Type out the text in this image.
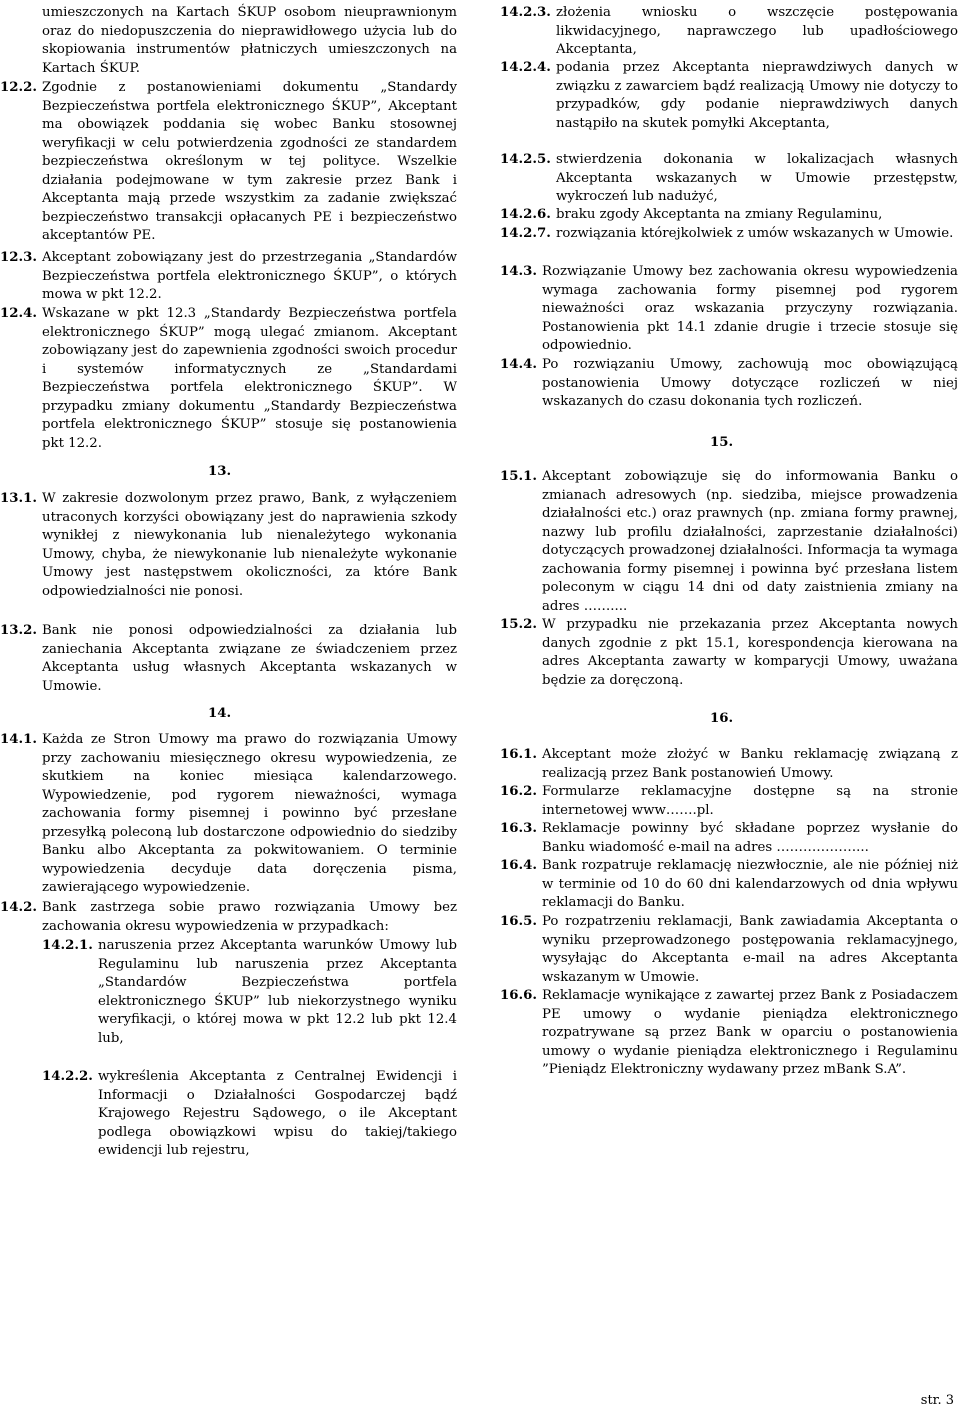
umieszczonych na Kartach ŚKUP osobom nieuprawnionym oraz do niedopuszczenia do nieprawidłowego użycia lub do skopiowania instrumentów płatniczych umieszczonych na Kartach ŚKUP.
12.2. Zgodnie z postanowieniami dokumentu „Standardy Bezpieczeństwa portfela elektronicznego ŚKUP”, Akceptant ma obowiązek poddania się wobec Banku stosownej weryfikacji w celu potwierdzenia zgodności ze standardem bezpieczeństwa określonym w tej polityce. Wszelkie działania podejmowane w tym zakresie przez Bank i Akceptanta mają przede wszystkim za zadanie zwiększać bezpieczeństwo transakcji opłacanych PE i bezpieczeństwo akceptantów PE.
12.3. Akceptant zobowiązany jest do przestrzegania „Standardów Bezpieczeństwa portfela elektronicznego ŚKUP”, o których mowa w pkt 12.2.
12.4. Wskazane w pkt 12.3 „Standardy Bezpieczeństwa portfela elektronicznego ŚKUP” mogą ulegać zmianom. Akceptant zobowiązany jest do zapewnienia zgodności swoich procedur i systemów informatycznych ze „Standardami Bezpieczeństwa portfela elektronicznego ŚKUP”. W przypadku zmiany dokumentu „Standardy Bezpieczeństwa portfela elektronicznego ŚKUP” stosuje się postanowienia pkt 12.2.
13.
13.1. W zakresie dozwolonym przez prawo, Bank, z wyłączeniem utraconych korzyści obowiązany jest do naprawienia szkody wynikłej z niewykonania lub nienależytego wykonania Umowy, chyba, że niewykonanie lub nienależyte wykonanie Umowy jest następstwem okoliczności, za które Bank odpowiedzialności nie ponosi.
13.2. Bank nie ponosi odpowiedzialności za działania lub zaniechania Akceptanta związane ze świadczeniem przez Akceptanta usług własnych Akceptanta wskazanych w Umowie.
14.
14.1. Każda ze Stron Umowy ma prawo do rozwiązania Umowy przy zachowaniu miesięcznego okresu wypowiedzenia, ze skutkiem na koniec miesiąca kalendarzowego. Wypowiedzenie, pod rygorem nieważności, wymaga zachowania formy pisemnej i powinno być przesłane przesyłką poleconą lub dostarczone odpowiednio do siedziby Banku albo Akceptanta za pokwitowaniem. O terminie wypowiedzenia decyduje data doręczenia pisma, zawierającego wypowiedzenie.
14.2. Bank zastrzega sobie prawo rozwiązania Umowy bez zachowania okresu wypowiedzenia w przypadkach:
14.2.1. naruszenia przez Akceptanta warunków Umowy lub Regulaminu lub naruszenia przez Akceptanta „Standardów Bezpieczeństwa portfela elektronicznego ŚKUP” lub niekorzystnego wyniku weryfikacji, o której mowa w pkt 12.2 lub pkt 12.4 lub,
14.2.2. wykreślenia Akceptanta z Centralnej Ewidencji i Informacji o Działalności Gospodarczej bądź Krajowego Rejestru Sądowego, o ile Akceptant podlega obowiązkowi wpisu do takiej/takiego ewidencji lub rejestru,
14.2.3. złożenia wniosku o wszczęcie postępowania likwidacyjnego, naprawczego lub upadłościowego Akceptanta,
14.2.4. podania przez Akceptanta nieprawdziwych danych w związku z zawarciem bądź realizacją Umowy nie dotyczy to przypadków, gdy podanie nieprawdziwych danych nastąpiło na skutek pomyłki Akceptanta,
14.2.5. stwierdzenia dokonania w lokalizacjach własnych Akceptanta wskazanych w Umowie przestępstw, wykroczeń lub nadużyć,
14.2.6. braku zgody Akceptanta na zmiany Regulaminu,
14.2.7. rozwiązania którejkolwiek z umów wskazanych w Umowie.
14.3. Rozwiązanie Umowy bez zachowania okresu wypowiedzenia wymaga zachowania formy pisemnej pod rygorem nieważności oraz wskazania przyczyny rozwiązania. Postanowienia pkt 14.1 zdanie drugie i trzecie stosuje się odpowiednio.
14.4. Po rozwiązaniu Umowy, zachowują moc obowiązującą postanowienia Umowy dotyczące rozliczeń w niej wskazanych do czasu dokonania tych rozliczeń.
15.
15.1. Akceptant zobowiązuje się do informowania Banku o zmianach adresowych (np. siedziba, miejsce prowadzenia działalności etc.) oraz prawnych (np. zmiana formy prawnej, nazwy lub profilu działalności, zaprzestanie działalności) dotyczących prowadzonej działalności. Informacja ta wymaga zachowania formy pisemnej i powinna być przesłana listem poleconym w ciągu 14 dni od daty zaistnienia zmiany na adres ……....
15.2. W przypadku nie przekazania przez Akceptanta nowych danych zgodnie z pkt 15.1, korespondencja kierowana na adres Akceptanta zawarty w komparycji Umowy, uważana będzie za doręczoną.
16.
16.1. Akceptant może złożyć w Banku reklamację związaną z realizacją przez Bank postanowień Umowy.
16.2. Formularze reklamacyjne dostępne są na stronie internetowej www…….pl.
16.3. Reklamacje powinny być składane poprzez wysłanie do Banku wiadomość e-mail na adres ………………...
16.4. Bank rozpatruje reklamację niezwłocznie, ale nie później niż w terminie od 10 do 60 dni kalendarzowych od dnia wpływu reklamacji do Banku.
16.5. Po rozpatrzeniu reklamacji, Bank zawiadamia Akceptanta o wyniku przeprowadzonego postępowania reklamacyjnego, wysyłając do Akceptanta e-mail na adres Akceptanta wskazanym w Umowie.
16.6. Reklamacje wynikające z zawartej przez Bank z Posiadaczem PE umowy o wydanie pieniądza elektronicznego rozpatrywane są przez Bank w oparciu o postanowienia umowy o wydanie pieniądza elektronicznego i Regulaminu ”Pieniądz Elektroniczny wydawany przez mBank S.A”.
str. 3
